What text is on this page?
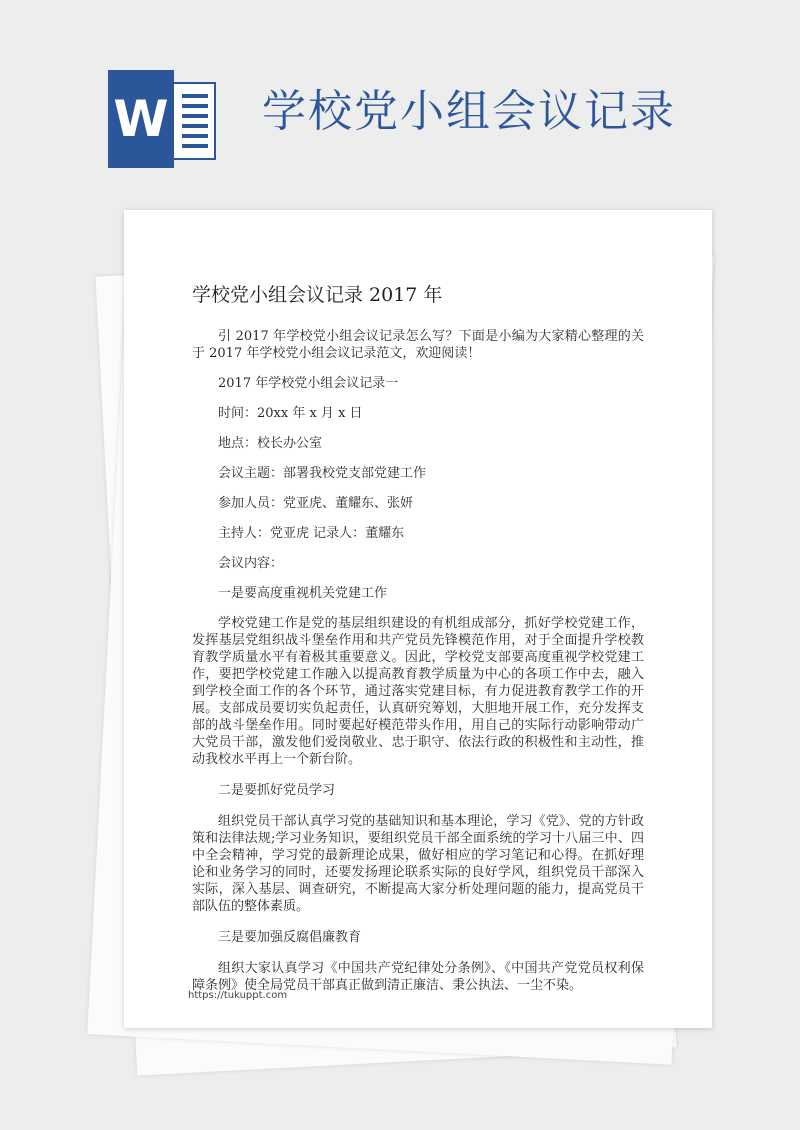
W 学校党小组会议记录
学校党小组会议记录 2017 年

引 2017 年学校党小组会议记录怎么写？下面是小编为大家精心整理的关于 2017 年学校党小组会议记录范文，欢迎阅读！

2017 年学校党小组会议记录一

时间：20xx 年 x 月 x 日

地点：校长办公室

会议主题：部署我校党支部党建工作

参加人员：党亚虎、董耀东、张妍

主持人：党亚虎 记录人：董耀东

会议内容：

一是要高度重视机关党建工作

学校党建工作是党的基层组织建设的有机组成部分，抓好学校党建工作，发挥基层党组织战斗堡垒作用和共产党员先锋模范作用，对于全面提升学校教育教学质量水平有着极其重要意义。因此，学校党支部要高度重视学校党建工作，要把学校党建工作融入以提高教育教学质量为中心的各项工作中去，融入到学校全面工作的各个环节，通过落实党建目标，有力促进教育教学工作的开展。支部成员要切实负起责任，认真研究筹划，大胆地开展工作，充分发挥支部的战斗堡垒作用。同时要起好模范带头作用，用自己的实际行动影响带动广大党员干部，激发他们爱岗敬业、忠于职守、依法行政的积极性和主动性，推动我校水平再上一个新台阶。

二是要抓好党员学习

组织党员干部认真学习党的基础知识和基本理论，学习《党》、党的方针政策和法律法规;学习业务知识，要组织党员干部全面系统的学习十八届三中、四中全会精神，学习党的最新理论成果，做好相应的学习笔记和心得。在抓好理论和业务学习的同时，还要发扬理论联系实际的良好学风，组织党员干部深入实际，深入基层、调查研究，不断提高大家分析处理问题的能力，提高党员干部队伍的整体素质。

三是要加强反腐倡廉教育

组织大家认真学习《中国共产党纪律处分条例》、《中国共产党党员权利保障条例》使全局党员干部真正做到清正廉洁、秉公执法、一尘不染。

https://tukuppt.com
